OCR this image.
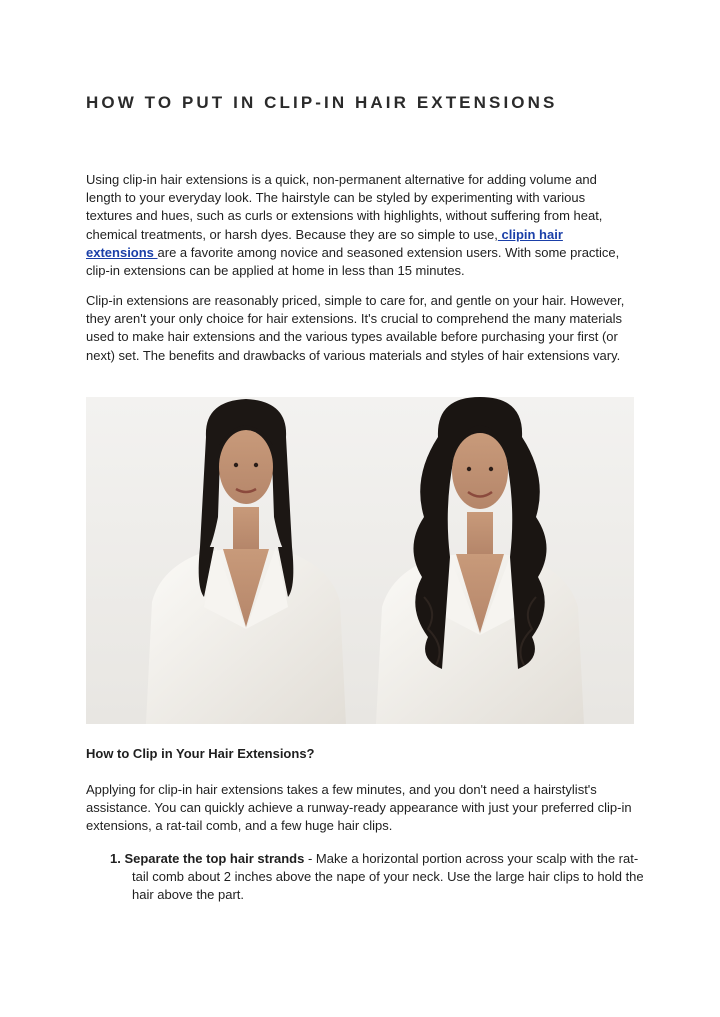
HOW TO PUT IN CLIP-IN HAIR EXTENSIONS

Using clip-in hair extensions is a quick, non-permanent alternative for adding volume and length to your everyday look. The hairstyle can be styled by experimenting with various textures and hues, such as curls or extensions with highlights, without suffering from heat, chemical treatments, or harsh dyes. Because they are so simple to use, clipin hair extensions are a favorite among novice and seasoned extension users. With some practice, clip-in extensions can be applied at home in less than 15 minutes.

Clip-in extensions are reasonably priced, simple to care for, and gentle on your hair. However, they aren't your only choice for hair extensions. It's crucial to comprehend the many materials used to make hair extensions and the various types available before purchasing your first (or next) set. The benefits and drawbacks of various materials and styles of hair extensions vary.

How to Clip in Your Hair Extensions?

Applying for clip-in hair extensions takes a few minutes, and you don't need a hairstylist's assistance. You can quickly achieve a runway-ready appearance with just your preferred clip-in extensions, a rat-tail comb, and a few huge hair clips.

1. Separate the top hair strands - Make a horizontal portion across your scalp with the rat-tail comb about 2 inches above the nape of your neck. Use the large hair clips to hold the hair above the part.
